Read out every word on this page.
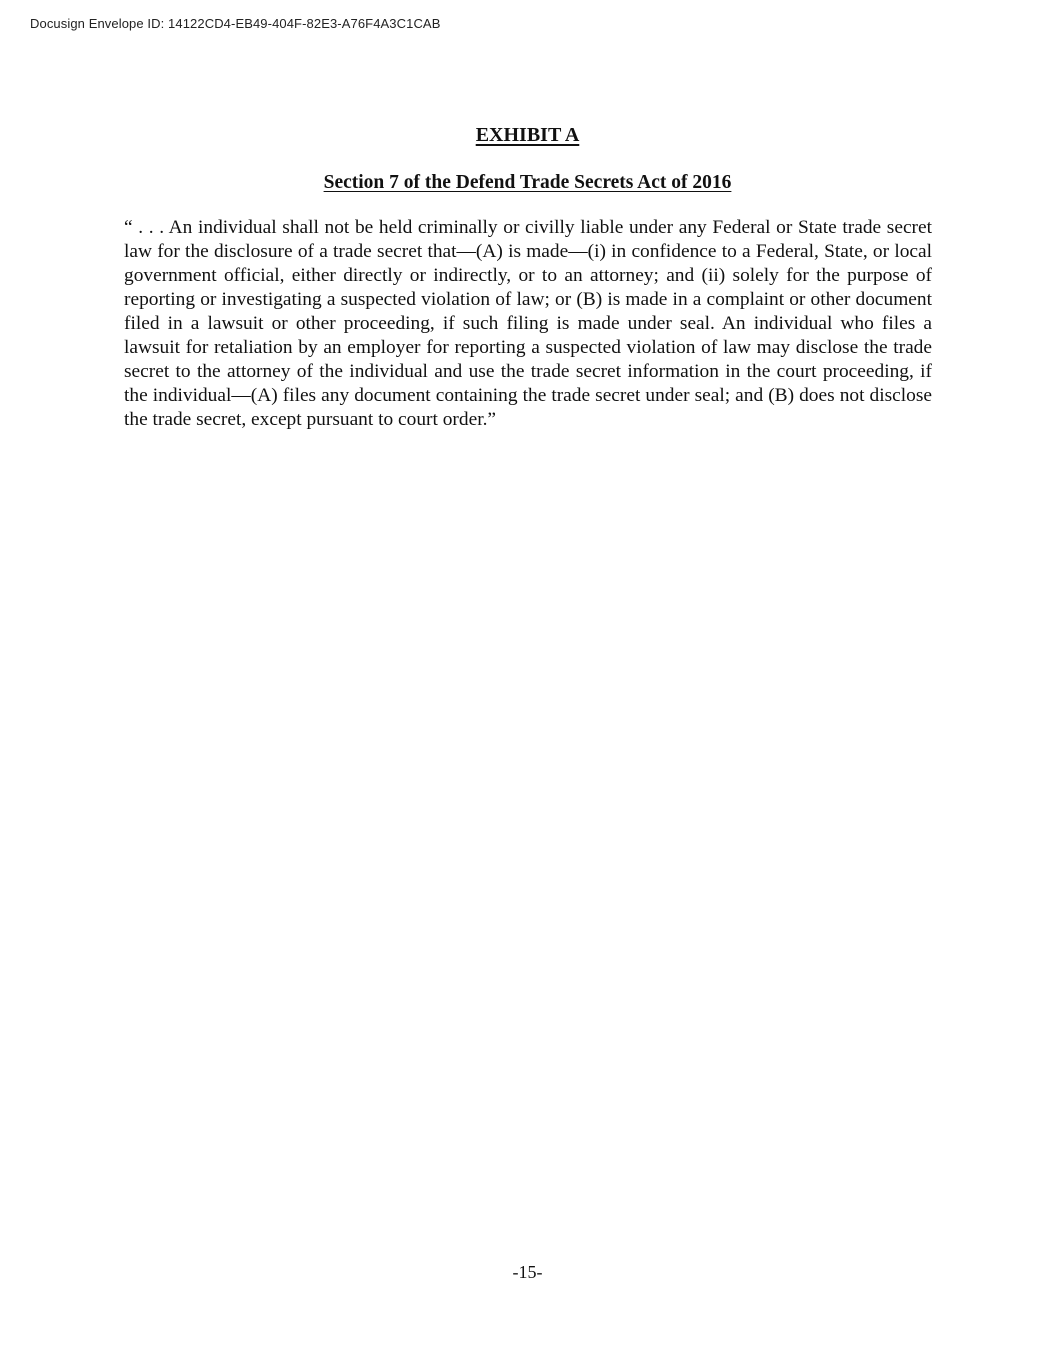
Docusign Envelope ID: 14122CD4-EB49-404F-82E3-A76F4A3C1CAB
EXHIBIT A
Section 7 of the Defend Trade Secrets Act of 2016

“ . . . An individual shall not be held criminally or civilly liable under any Federal or State trade secret law for the disclosure of a trade secret that—(A) is made—(i) in confidence to a Federal, State, or local government official, either directly or indirectly, or to an attorney; and (ii) solely for the purpose of reporting or investigating a suspected violation of law; or (B) is made in a complaint or other document filed in a lawsuit or other proceeding, if such filing is made under seal. An individual who files a lawsuit for retaliation by an employer for reporting a suspected violation of law may disclose the trade secret to the attorney of the individual and use the trade secret information in the court proceeding, if the individual—(A) files any document containing the trade secret under seal; and (B) does not disclose the trade secret, except pursuant to court order.”

-15-
